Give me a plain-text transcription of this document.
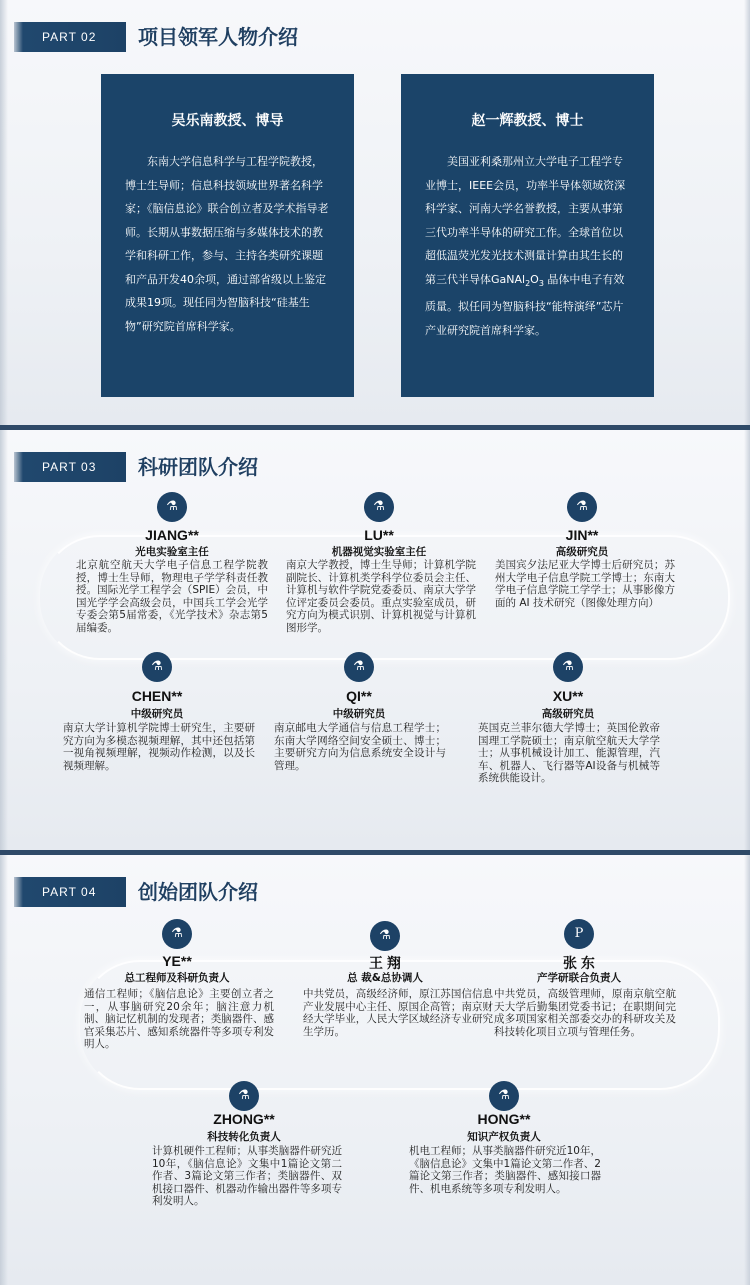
PART 02	项目领军人物介绍
吴乐南教授、博导
东南大学信息科学与工程学院教授，博士生导师；信息科技领域世界著名科学家；《脑信息论》联合创立者及学术指导老师。长期从事数据压缩与多媒体技术的教学和科研工作，参与、主持各类研究课题和产品开发40余项，通过部省级以上鉴定成果19项。现任同为智脑科技“硅基生物”研究院首席科学家。
赵一辉教授、博士
美国亚利桑那州立大学电子工程学专业博士，IEEE会员，功率半导体领域资深科学家、河南大学名誉教授，主要从事第三代功率半导体的研究工作。全球首位以超低温荧光发光技术测量计算由其生长的第三代半导体$GaNAl_2O_3$ 晶体中电子有效质量。拟任同为智脑科技“能特演绎”芯片产业研究院首席科学家。
PART 03	科研团队介绍
⚗
JIANG**
光电实验室主任
北京航空航天大学电子信息工程学院教授，博士生导师，物理电子学学科责任教授。国际光学工程学会（SPIE）会员，中国光学学会高级会员，中国兵工学会光学专委会第5届常委，《光学技术》杂志第5届编委。
⚗
LU**
机器视觉实验室主任
南京大学教授，博士生导师；计算机学院副院长、计算机类学科学位委员会主任、计算机与软件学院党委委员、南京大学学位评定委员会委员。重点实验室成员，研 究方向为模式识别、计算机视觉与计算机图形学。
⚗
JIN**
高级研究员
美国宾夕法尼亚大学博士后研究员；苏州大学电子信息学院工学博士；东南大学电子信息学院工学学士；从事影像方面的 AI 技术研究（图像处理方向）
⚗
CHEN**
中级研究员
南京大学计算机学院博士研究生，主要研究方向为多模态视频理解，其中还包括第一视角视频理解，视频动作检测，以及长视频理解。
⚗
QI**
中级研究员
南京邮电大学通信与信息工程学士；东南大学网络空间安全硕士、博士；主要研究方向为信息系统安全设计与管理。
⚗
XU**
高级研究员
英国克兰菲尔德大学博士；英国伦敦帝国理工学院硕士；南京航空航天大学学士；从事机械设计加工、能源管理，汽车、机器人、飞行器等AI设备与机械等系统供能设计。
PART 04	创始团队介绍
⚗
YE**
总工程师及科研负责人
通信工程师；《脑信息论》主要创立者之一，从事脑研究20余年；脑注意力机制、脑记忆机制的发现者；类脑器件、感官采集芯片、感知系统器件等多项专利发明人。
⚗
王 翔
总 裁&总协调人
中共党员，高级经济师，原江苏国信信息产业发展中心主任、原国企高管；南京财经大学毕业，人民大学区域经济专业研究生学历。
P
张 东
产学研联合负责人
中共党员，高级管理师，原南京航空航天大学后勤集团党委书记；在职期间完成多项国家相关部委交办的科研攻关及科技转化项目立项与管理任务。
⚗
ZHONG**
科技转化负责人
计算机硬件工程师；从事类脑器件研究近10年，《脑信息论》文集中1篇论文第二作者、3篇论文第三作者；类脑器件、双机接口器件、机器动作输出器件等多项专利发明人。
⚗
HONG**
知识产权负责人
机电工程师；从事类脑器件研究近10年，《脑信息论》文集中1篇论文第二作者、2篇论文第三作者；类脑器件、感知接口器件、机电系统等多项专利发明人。
